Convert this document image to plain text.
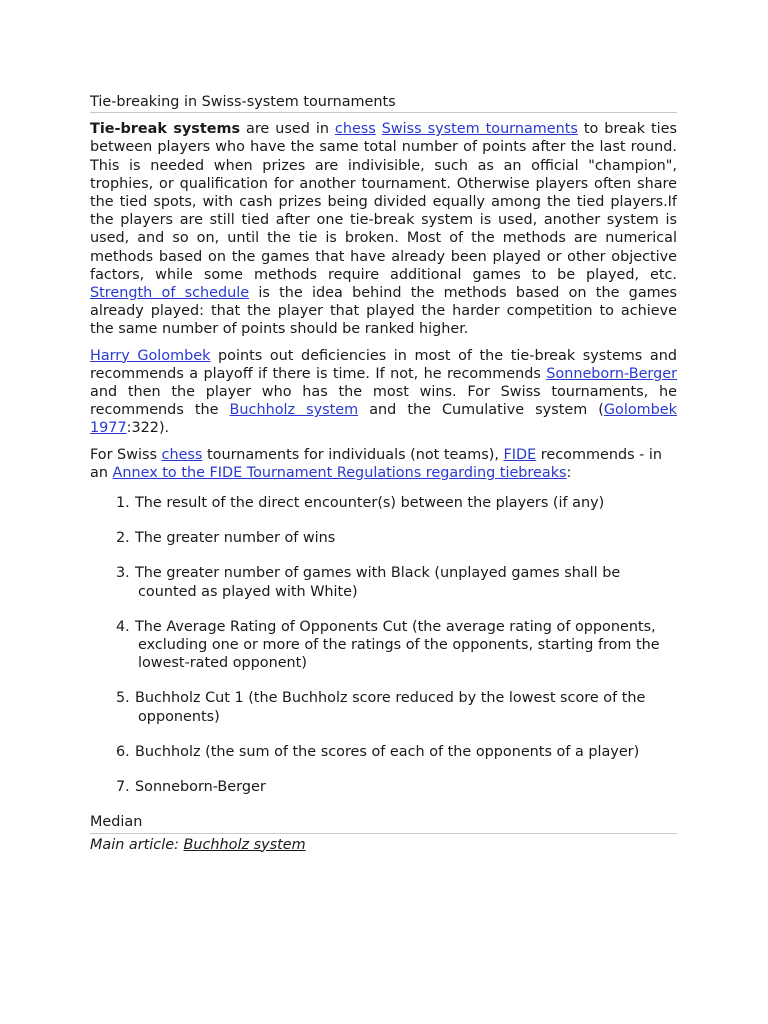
Tie-breaking in Swiss-system tournaments

Tie-break systems are used in chess Swiss system tournaments to break ties between players who have the same total number of points after the last round. This is needed when prizes are indivisible, such as an official "champion", trophies, or qualification for another tournament. Otherwise players often share the tied spots, with cash prizes being divided equally among the tied players.If the players are still tied after one tie-break system is used, another system is used, and so on, until the tie is broken. Most of the methods are numerical methods based on the games that have already been played or other objective factors, while some methods require additional games to be played, etc. Strength of schedule is the idea behind the methods based on the games already played: that the player that played the harder competition to achieve the same number of points should be ranked higher.

Harry Golombek points out deficiencies in most of the tie-break systems and recommends a playoff if there is time. If not, he recommends Sonneborn-Berger and then the player who has the most wins. For Swiss tournaments, he recommends the Buchholz system and the Cumulative system (Golombek 1977:322).

For Swiss chess tournaments for individuals (not teams), FIDE recommends - in an Annex to the FIDE Tournament Regulations regarding tiebreaks:

1. The result of the direct encounter(s) between the players (if any)
2. The greater number of wins
3. The greater number of games with Black (unplayed games shall be counted as played with White)
4. The Average Rating of Opponents Cut (the average rating of opponents, excluding one or more of the ratings of the opponents, starting from the lowest-rated opponent)
5. Buchholz Cut 1 (the Buchholz score reduced by the lowest score of the opponents)
6. Buchholz (the sum of the scores of each of the opponents of a player)
7. Sonneborn-Berger
Median

Main article: Buchholz system
